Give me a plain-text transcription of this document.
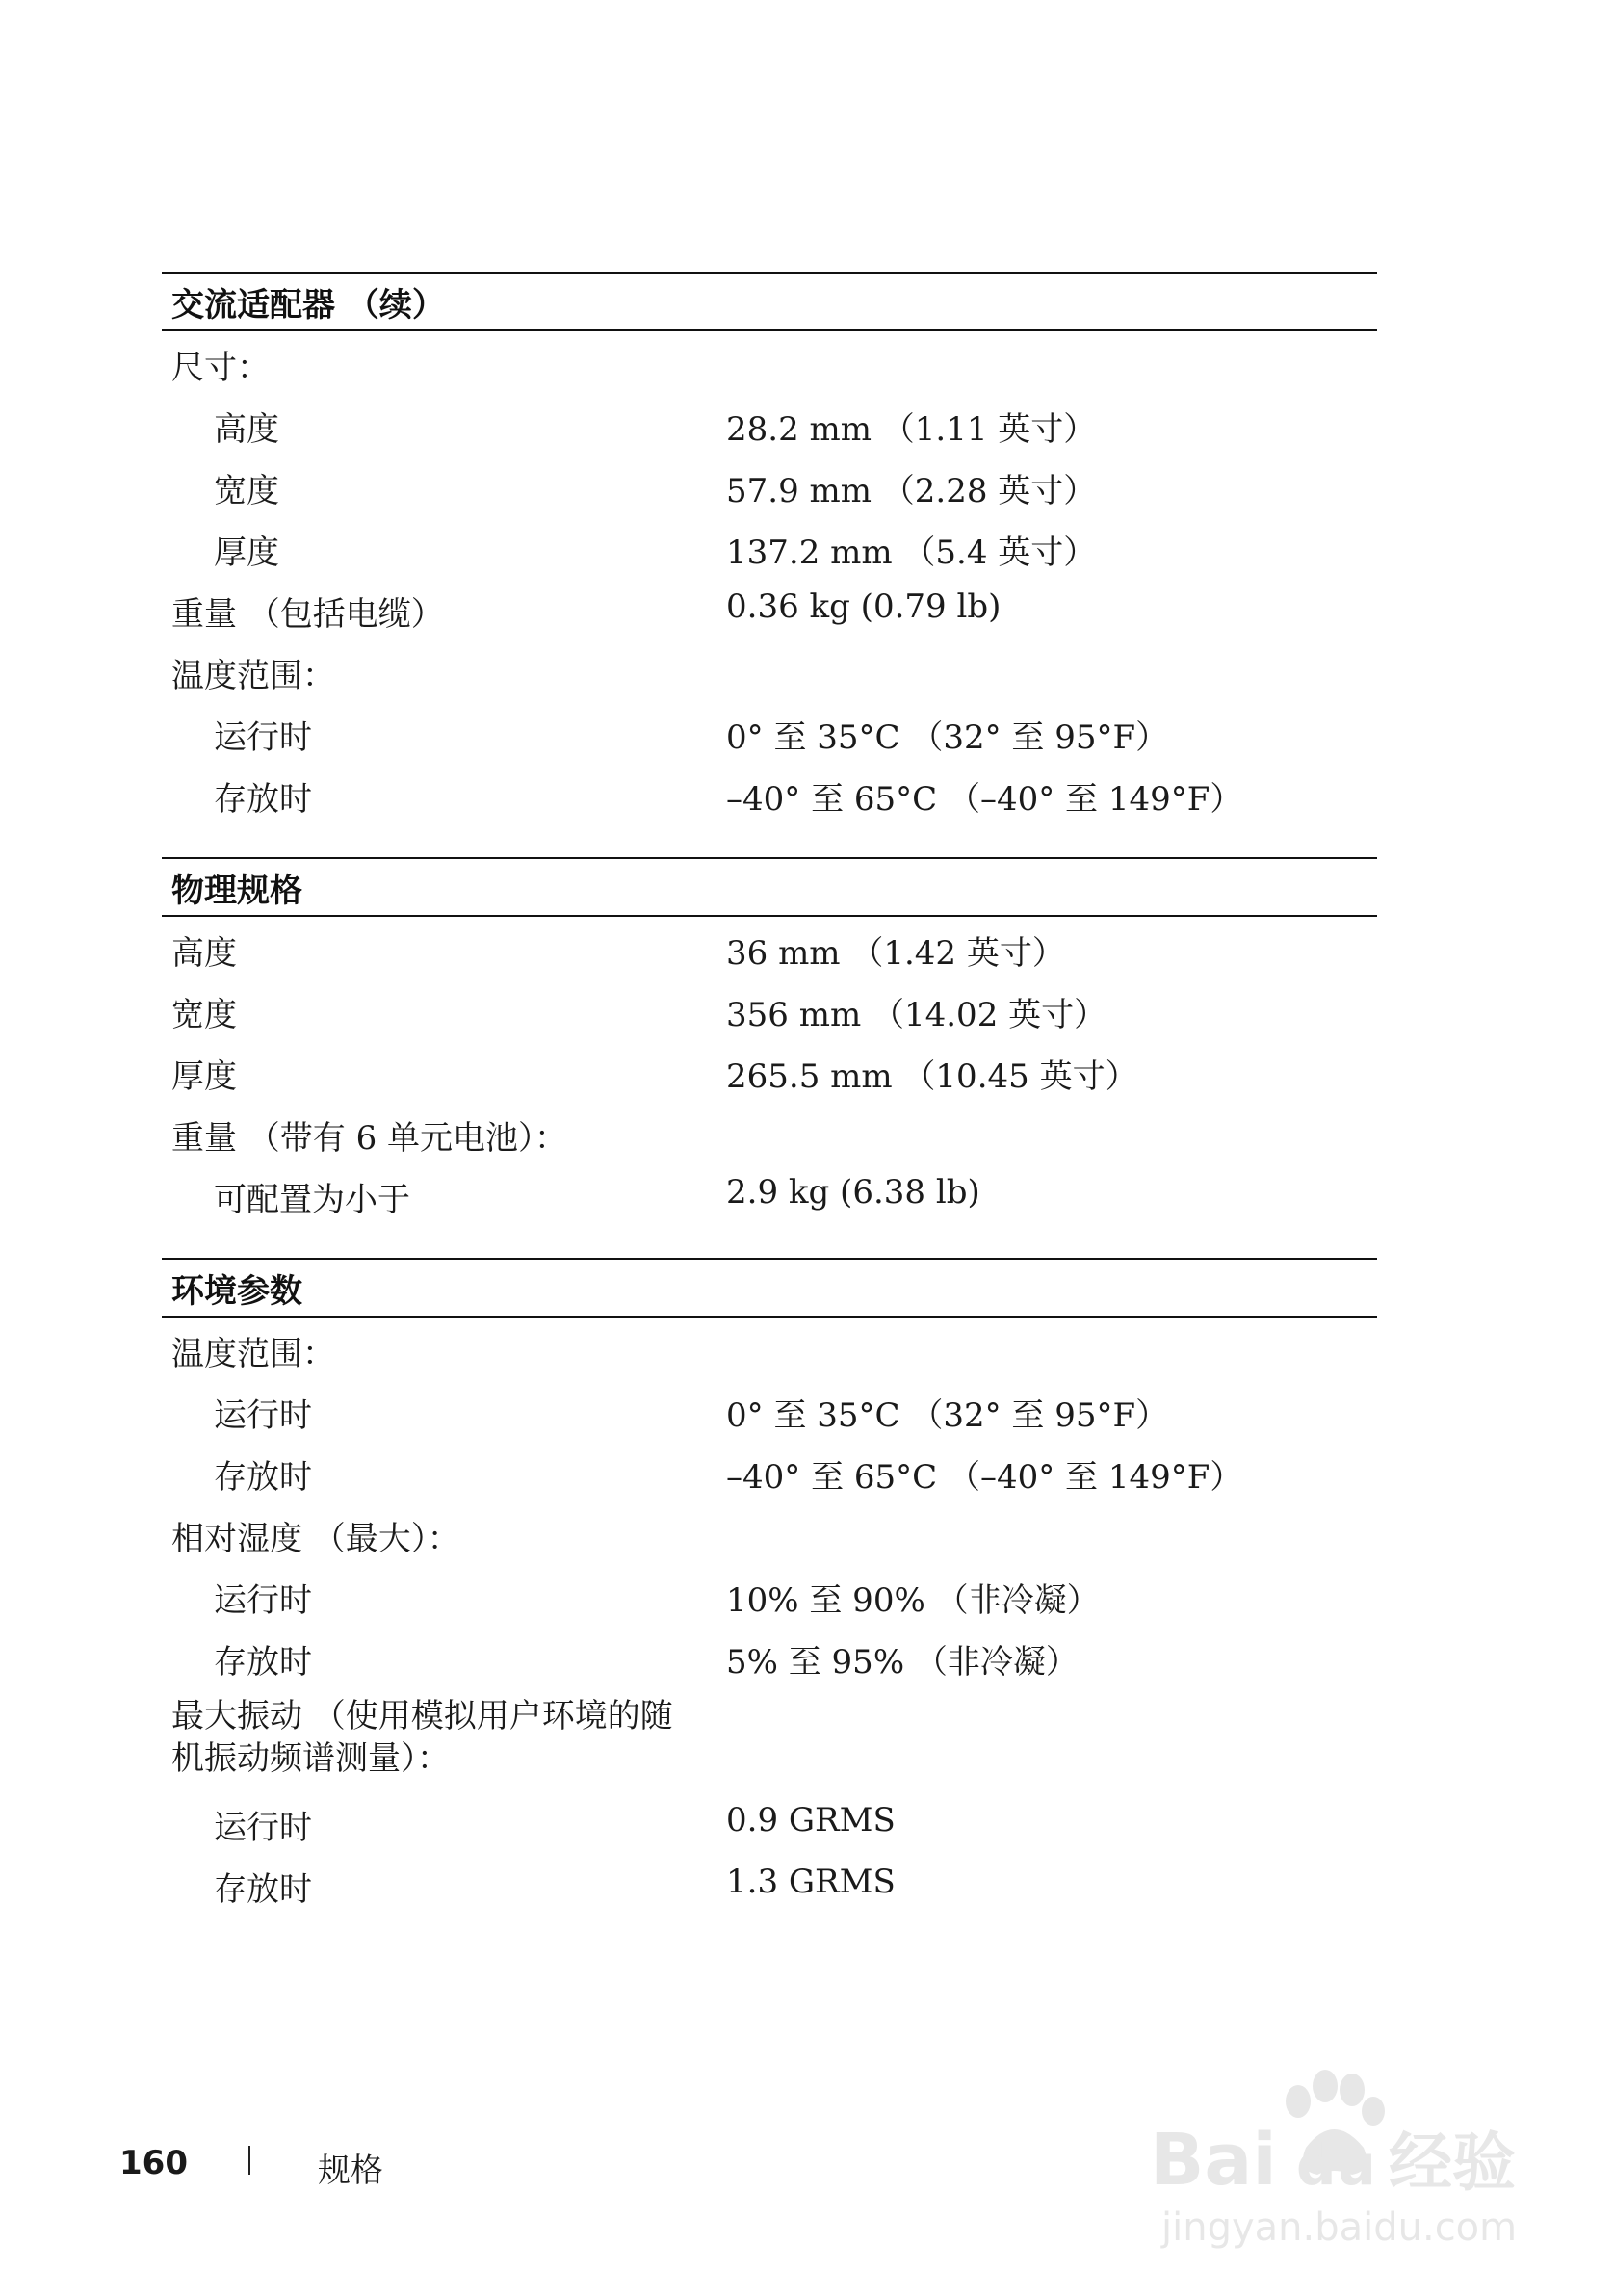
交流适配器 （续）
尺寸：
高度	28.2 mm （1.11 英寸）
宽度	57.9 mm （2.28 英寸）
厚度	137.2 mm （5.4 英寸）
重量 （包括电缆）	0.36 kg (0.79 lb)
温度范围：
运行时	0° 至 35°C （32° 至 95°F）
存放时	–40° 至 65°C （–40° 至 149°F）
物理规格
高度	36 mm （1.42 英寸）
宽度	356 mm （14.02 英寸）
厚度	265.5 mm （10.45 英寸）
重量 （带有 6 单元电池）：
可配置为小于	2.9 kg (6.38 lb)
环境参数
温度范围：
运行时	0° 至 35°C （32° 至 95°F）
存放时	–40° 至 65°C （–40° 至 149°F）
相对湿度 （最大）：
运行时	10% 至 90% （非冷凝）
存放时	5% 至 95% （非冷凝）
最大振动 （使用模拟用户环境的随
机振动频谱测量）：
运行时	0.9 GRMS
存放时	1.3 GRMS
160	规格	Bai du 经验
jingyan.baidu.com
